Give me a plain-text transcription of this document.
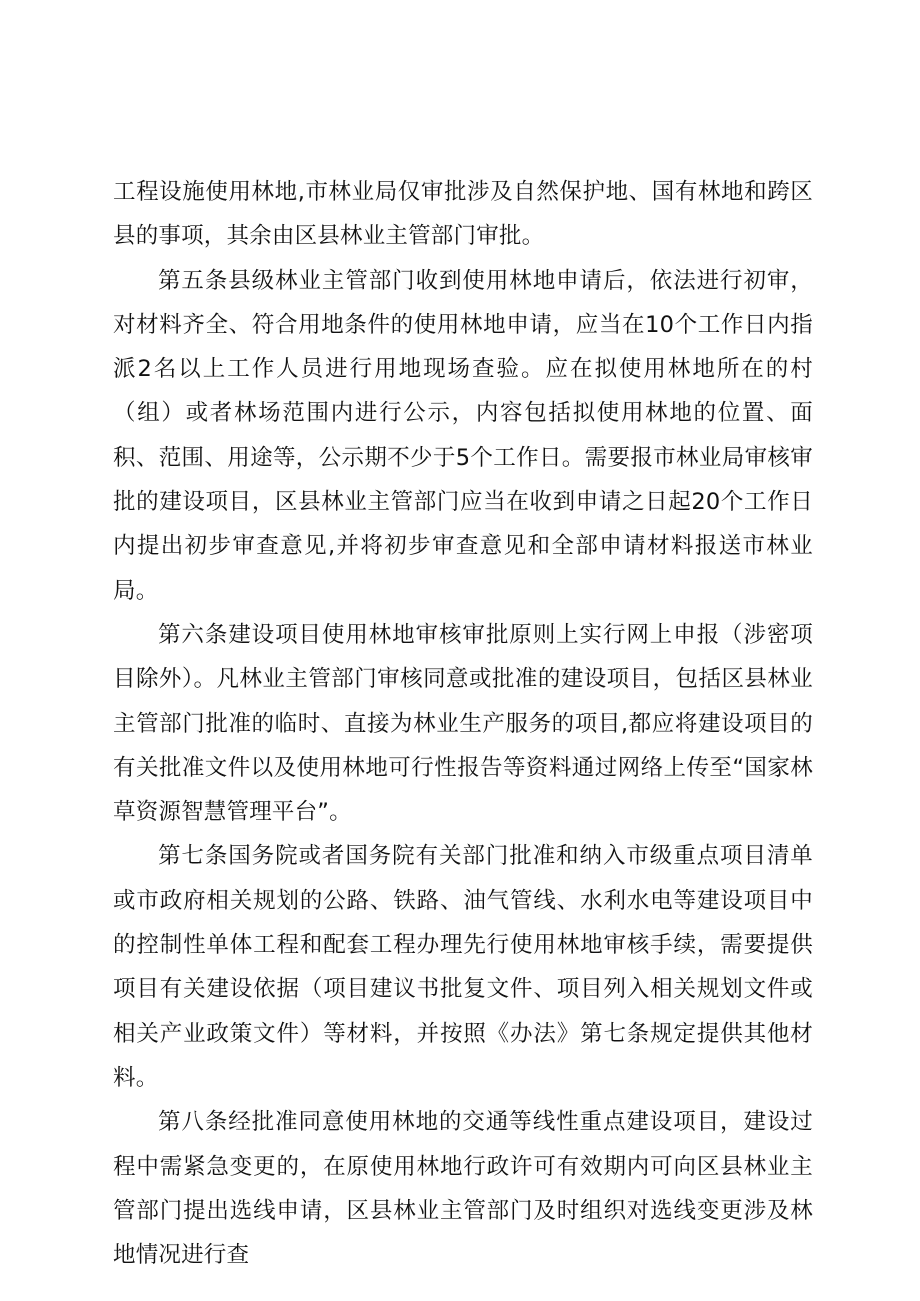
工程设施使用林地,市林业局仅审批涉及自然保护地、国有林地和跨区县的事项，其余由区县林业主管部门审批。

第五条县级林业主管部门收到使用林地申请后，依法进行初审，对材料齐全、符合用地条件的使用林地申请，应当在10个工作日内指派2名以上工作人员进行用地现场查验。应在拟使用林地所在的村（组）或者林场范围内进行公示，内容包括拟使用林地的位置、面积、范围、用途等，公示期不少于5个工作日。需要报市林业局审核审批的建设项目，区县林业主管部门应当在收到申请之日起20个工作日内提出初步审查意见,并将初步审查意见和全部申请材料报送市林业局。

第六条建设项目使用林地审核审批原则上实行网上申报（涉密项目除外）。凡林业主管部门审核同意或批准的建设项目，包括区县林业主管部门批准的临时、直接为林业生产服务的项目,都应将建设项目的有关批准文件以及使用林地可行性报告等资料通过网络上传至“国家林草资源智慧管理平台”。

第七条国务院或者国务院有关部门批准和纳入市级重点项目清单或市政府相关规划的公路、铁路、油气管线、水利水电等建设项目中的控制性单体工程和配套工程办理先行使用林地审核手续，需要提供项目有关建设依据（项目建议书批复文件、项目列入相关规划文件或相关产业政策文件）等材料，并按照《办法》第七条规定提供其他材料。

第八条经批准同意使用林地的交通等线性重点建设项目，建设过程中需紧急变更的，在原使用林地行政许可有效期内可向区县林业主管部门提出选线申请，区县林业主管部门及时组织对选线变更涉及林地情况进行查
